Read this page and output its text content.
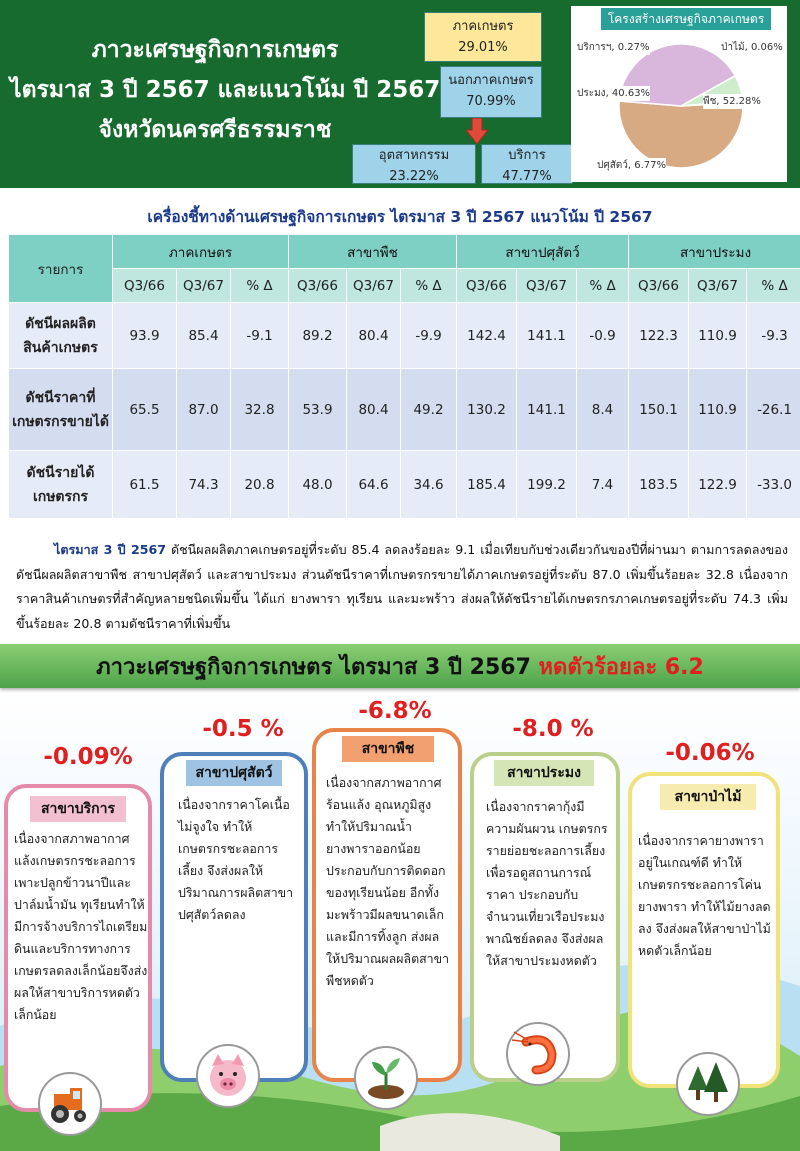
ภาวะเศรษฐกิจการเกษตร
ไตรมาส 3 ปี 2567 และแนวโน้ม ปี 2567
จังหวัดนครศรีธรรมราช
ภาคเกษตร
29.01%
นอกภาคเกษตร
70.99%
อุตสาหกรรม
23.22%
บริการ
47.77%
โครงสร้างเศรษฐกิจภาคเกษตร
บริการฯ, 0.27%	ป่าไม้, 0.06%
ประมง, 40.63%
พืช, 52.28%
ปศุสัตว์, 6.77%
เครื่องชี้ทางด้านเศรษฐกิจการเกษตร ไตรมาส 3 ปี 2567 แนวโน้ม ปี 2567
รายการ	ภาคเกษตร			สาขาพืช			สาขาปศุสัตว์			สาขาประมง		
	Q3/66	Q3/67	% Δ	Q3/66	Q3/67	% Δ	Q3/66	Q3/67	% Δ	Q3/66	Q3/67	% Δ
ดัชนีผลผลิต
สินค้าเกษตร	93.9	85.4	-9.1	89.2	80.4	-9.9	142.4	141.1	-0.9	122.3	110.9	-9.3
ดัชนีราคาที่
เกษตรกรขายได้	65.5	87.0	32.8	53.9	80.4	49.2	130.2	141.1	8.4	150.1	110.9	-26.1
ดัชนีรายได้
เกษตรกร	61.5	74.3	20.8	48.0	64.6	34.6	185.4	199.2	7.4	183.5	122.9	-33.0
ไตรมาส 3 ปี 2567 ดัชนีผลผลิตภาคเกษตรอยู่ที่ระดับ 85.4 ลดลงร้อยละ 9.1 เมื่อเทียบกับช่วงเดียวกันของปีที่ผ่านมา ตามการลดลงของดัชนีผลผลิตสาขาพืช สาขาปศุสัตว์ และสาขาประมง ส่วนดัชนีราคาที่เกษตรกรขายได้ภาคเกษตรอยู่ที่ระดับ 87.0 เพิ่มขึ้นร้อยละ 32.8 เนื่องจากราคาสินค้าเกษตรที่สำคัญหลายชนิดเพิ่มขึ้น ได้แก่ ยางพารา ทุเรียน และมะพร้าว ส่งผลให้ดัชนีรายได้เกษตรกรภาคเกษตรอยู่ที่ระดับ 74.3 เพิ่มขึ้นร้อยละ 20.8 ตามดัชนีราคาที่เพิ่มขึ้น
ภาวะเศรษฐกิจการเกษตร ไตรมาส 3 ปี 2567 หดตัวร้อยละ 6.2
-0.09%
สาขาบริการ
เนื่องจากสภาพอากาศแล้งเกษตรกรชะลอการเพาะปลูกข้าวนาปีและปาล์มน้ำมัน ทุเรียนทำให้มีการจ้างบริการไถเตรียมดินและบริการทางการเกษตรลดลงเล็กน้อยจึงส่งผลให้สาขาบริการหดตัวเล็กน้อย
-0.5 %
สาขาปศุสัตว์
เนื่องจากราคาโคเนื้อไม่จูงใจ ทำให้เกษตรกรชะลอการเลี้ยง จึงส่งผลให้ปริมาณการผลิตสาขาปศุสัตว์ลดลง
-6.8%
สาขาพืช
เนื่องจากสภาพอากาศร้อนแล้ง อุณหภูมิสูง ทำให้ปริมาณน้ำยางพาราออกน้อย ประกอบกับการติดดอกของทุเรียนน้อย อีกทั้ง มะพร้าวมีผลขนาดเล็ก และมีการทิ้งลูก ส่งผลให้ปริมาณผลผลิตสาขาพืชหดตัว
-8.0 %
สาขาประมง
เนื่องจากราคากุ้งมีความผันผวน เกษตรกรรายย่อยชะลอการเลี้ยง เพื่อรอดูสถานการณ์ราคา ประกอบกับจำนวนเที่ยวเรือประมงพาณิชย์ลดลง จึงส่งผลให้สาขาประมงหดตัว
-0.06%
สาขาป่าไม้
เนื่องจากราคายางพาราอยู่ในเกณฑ์ดี ทำให้เกษตรกรชะลอการโค่นยางพารา ทำให้ไม้ยางลดลง จึงส่งผลให้สาขาป่าไม้หดตัวเล็กน้อย
